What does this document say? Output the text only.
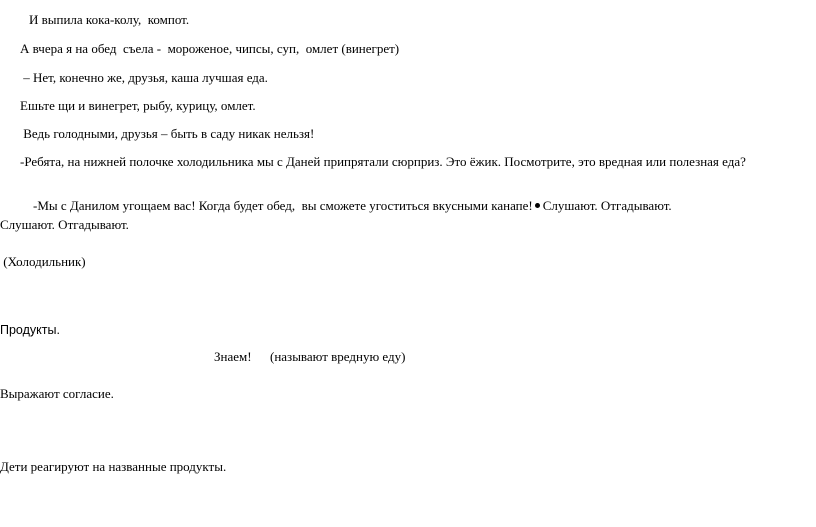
И выпила кока-колу,  компот.
А вчера я на обед  съела -  мороженое, чипсы, суп,  омлет (винегрет)
– Нет, конечно же, друзья, каша лучшая еда.
Ешьте щи и винегрет, рыбу, курицу, омлет.
Ведь голодными, друзья – быть в саду никак нельзя!
-Ребята, на нижней полочке холодильника мы с Даней припрятали сюрприз. Это ёжик. Посмотрите, это вредная или полезная еда?

-Мы с Данилом угощаем вас! Когда будет обед,  вы сможете угоститься вкусными канапе! Слушают. Отгадывают.

Слушают. Отгадывают.
(Холодильник)
Продукты.
Знаем! (называют вредную еду)
Выражают согласие.
Дети реагируют на названные продукты.
